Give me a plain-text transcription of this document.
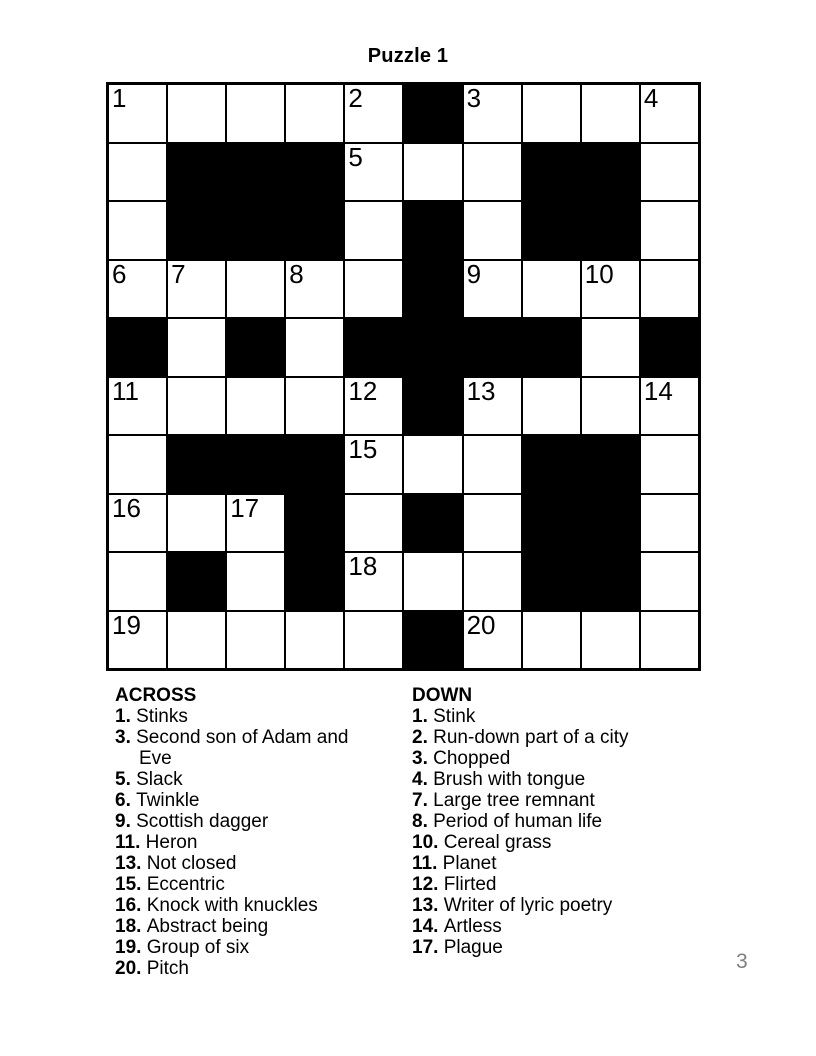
Puzzle 1
1	2	3	4
5
6 7	8	9	10
11	12	13	14
15
16	17
18
19	20
ACROSS
1. Stinks
3. Second son of Adam and Eve
5. Slack
6. Twinkle
9. Scottish dagger
11. Heron
13. Not closed
15. Eccentric
16. Knock with knuckles
18. Abstract being
19. Group of six
20. Pitch
DOWN
1. Stink
2. Run-down part of a city
3. Chopped
4. Brush with tongue
7. Large tree remnant
8. Period of human life
10. Cereal grass
11. Planet
12. Flirted
13. Writer of lyric poetry
14. Artless
17. Plague
3
